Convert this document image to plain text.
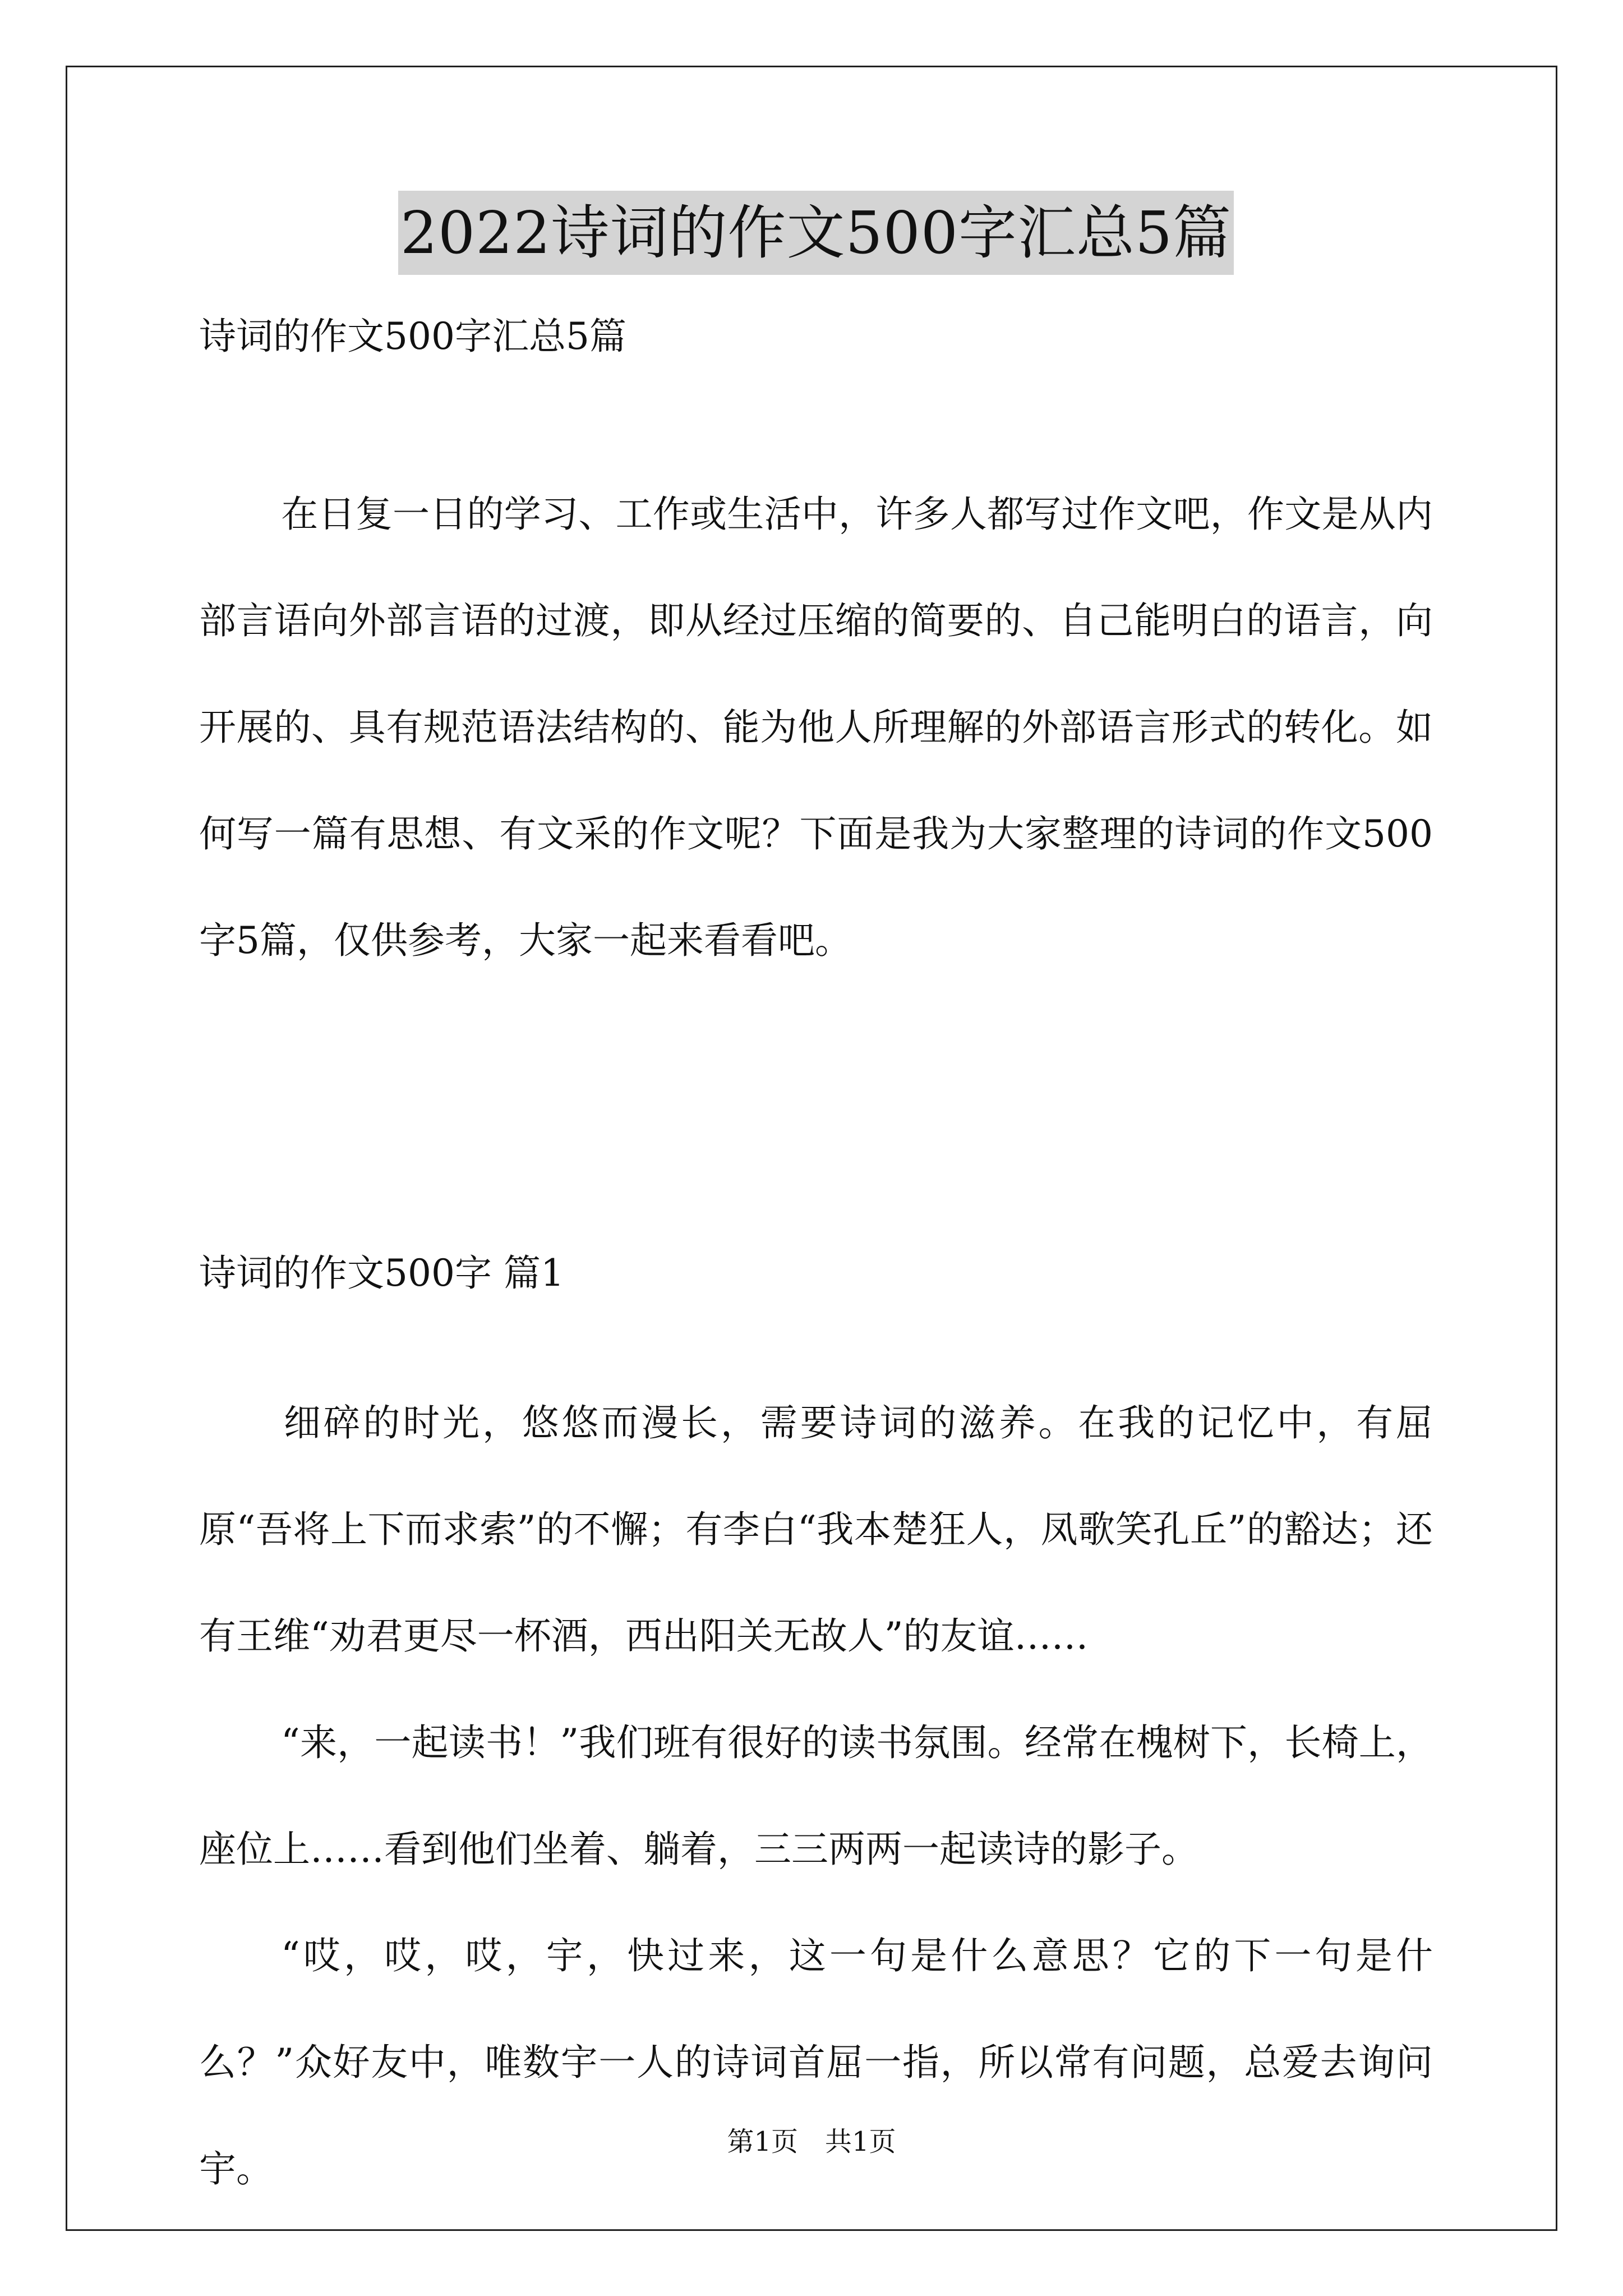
2022诗词的作文500字汇总5篇
诗词的作文500字汇总5篇

在日复一日的学习、工作或生活中，许多人都写过作文吧，作文是从内部言语向外部言语的过渡，即从经过压缩的简要的、自己能明白的语言，向开展的、具有规范语法结构的、能为他人所理解的外部语言形式的转化。如何写一篇有思想、有文采的作文呢？下面是我为大家整理的诗词的作文500字5篇，仅供参考，大家一起来看看吧。

诗词的作文500字 篇1

细碎的时光，悠悠而漫长，需要诗词的滋养。在我的记忆中，有屈原“吾将上下而求索”的不懈；有李白“我本楚狂人，凤歌笑孔丘”的豁达；还有王维“劝君更尽一杯酒，西出阳关无故人”的友谊……

“来，一起读书！”我们班有很好的读书氛围。经常在槐树下，长椅上，座位上……看到他们坐着、躺着，三三两两一起读诗的影子。

“哎，哎，哎，宇，快过来，这一句是什么意思？它的下一句是什么？”众好友中，唯数宇一人的诗词首屈一指，所以常有问题，总爱去询问宇。

第1页 共1页
